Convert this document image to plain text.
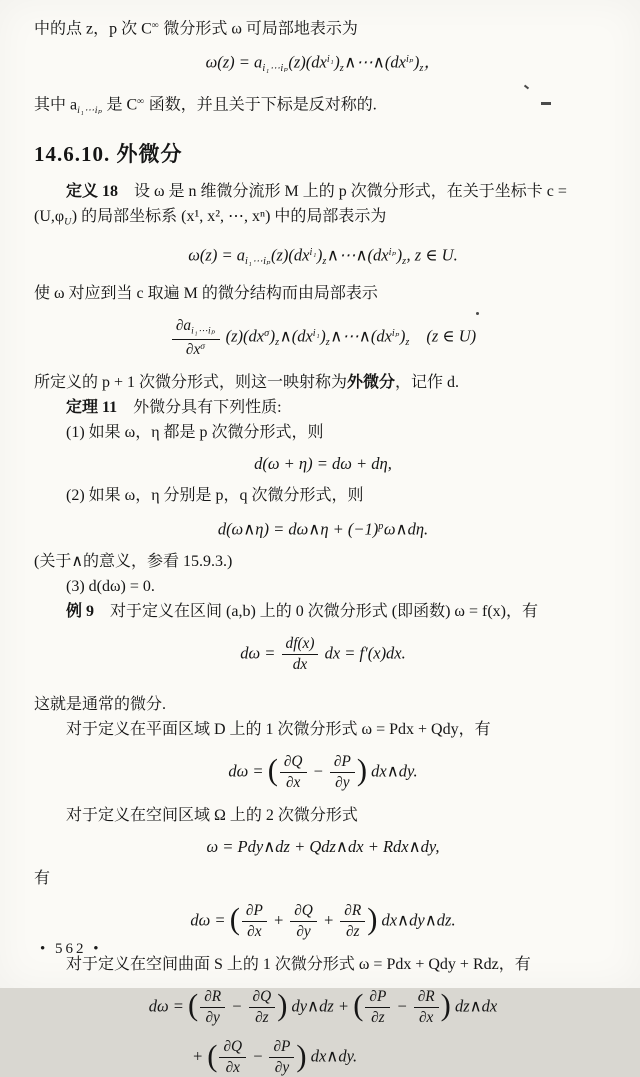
中的点 z，p 次 C∞ 微分形式 ω 可局部地表示为

$\omega(z) = a_{i_1\cdots i_p}(z)(dx^{i_1})_z\wedge\cdots\wedge(dx^{i_p})_z$，

其中 $a_{i_1\cdots i_p}$ 是 C∞ 函数，并且关于下标是反对称的.

14.6.10. 外微分

定义 18　设 ω 是 n 维微分流形 M 上的 p 次微分形式，在关于坐标卡 $c = (U,\varphi_U)$ 的局部坐标系 (x¹, x², ⋯, xⁿ) 中的局部表示为

$\omega(z) = a_{i_1\cdots i_p}(z)(dx^{i_1})_z\wedge\cdots\wedge(dx^{i_p})_z$, z ∈ U.

使 ω 对应到当 c 取遍 M 的微分结构而由局部表示

$\frac{\partial a_{i_1\cdots i_p}}{\partial x^\sigma}$ $(z)(dx^\sigma)_z\wedge(dx^{i_1})_z\wedge\cdots\wedge(dx^{i_p})_z$　(z ∈ U)

所定义的 p + 1 次微分形式，则这一映射称为外微分，记作 d.

定理 11　外微分具有下列性质:

(1) 如果 ω，η 都是 p 次微分形式，则

d(ω + η) = dω + dη,

(2) 如果 ω，η 分别是 p，q 次微分形式，则

d(ω∧η) = dω∧η + $(-1)^p\omega\wedge d\eta$.

(关于∧的意义，参看 15.9.3.)

(3) d(dω) = 0.

例 9　对于定义在区间 (a,b) 上的 0 次微分形式 (即函数) ω = f(x)，有

$d\omega = \frac{df(x)}{dx}$ dx = f′(x)dx.

这就是通常的微分.

对于定义在平面区域 D 上的 1 次微分形式 ω = Pdx + Qdy，有

dω = ( $\frac{\partial Q}{\partial x} - \frac{\partial P}{\partial y}$ ) dx∧dy.

对于定义在空间区域 Ω 上的 2 次微分形式

ω = Pdy∧dz + Qdz∧dx + Rdx∧dy,

有

dω = ( $\frac{\partial P}{\partial x} + \frac{\partial Q}{\partial y} + \frac{\partial R}{\partial z}$ ) dx∧dy∧dz.

对于定义在空间曲面 S 上的 1 次微分形式 ω = Pdx + Qdy + Rdz，有

dω = ( $\frac{\partial R}{\partial y} - \frac{\partial Q}{\partial z}$ ) dy∧dz + ( $\frac{\partial P}{\partial z} - \frac{\partial R}{\partial x}$ ) dz∧dx
+ ( $\frac{\partial Q}{\partial x} - \frac{\partial P}{\partial y}$ ) dx∧dy.
• 562 •
